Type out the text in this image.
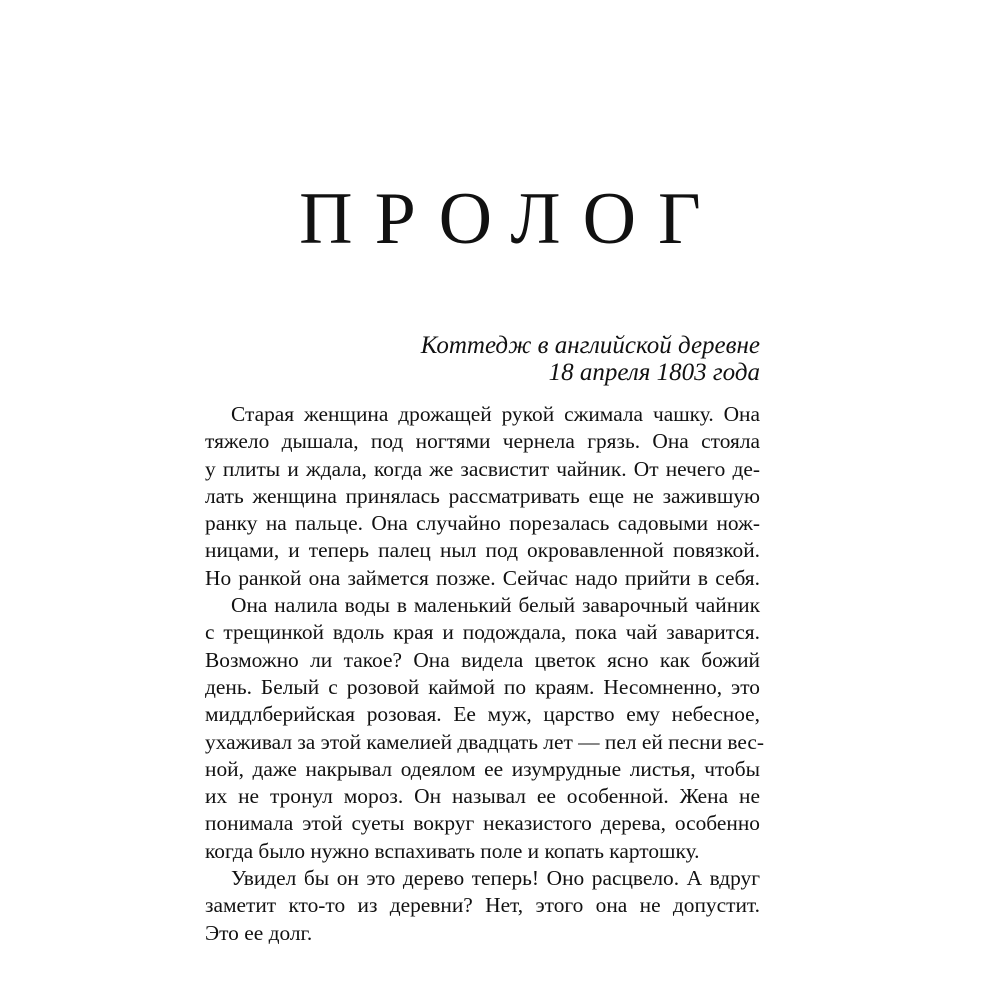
ПРОЛОГ
Коттедж в английской деревне
18 апреля 1803 года
Старая женщина дрожащей рукой сжимала чашку. Она
тяжело дышала, под ногтями чернела грязь. Она стояла
у плиты и ждала, когда же засвистит чайник. От нечего де-
лать женщина принялась рассматривать еще не зажившую
ранку на пальце. Она случайно порезалась садовыми нож-
ницами, и теперь палец ныл под окровавленной повязкой.
Но ранкой она займется позже. Сейчас надо прийти в себя.
Она налила воды в маленький белый заварочный чайник
с трещинкой вдоль края и подождала, пока чай заварится.
Возможно ли такое? Она видела цветок ясно как божий
день. Белый с розовой каймой по краям. Несомненно, это
миддлберийская розовая. Ее муж, царство ему небесное,
ухаживал за этой камелией двадцать лет — пел ей песни вес-
ной, даже накрывал одеялом ее изумрудные листья, чтобы
их не тронул мороз. Он называл ее особенной. Жена не
понимала этой суеты вокруг неказистого дерева, особенно
когда было нужно вспахивать поле и копать картошку.
Увидел бы он это дерево теперь! Оно расцвело. А вдруг
заметит кто-то из деревни? Нет, этого она не допустит.
Это ее долг.
